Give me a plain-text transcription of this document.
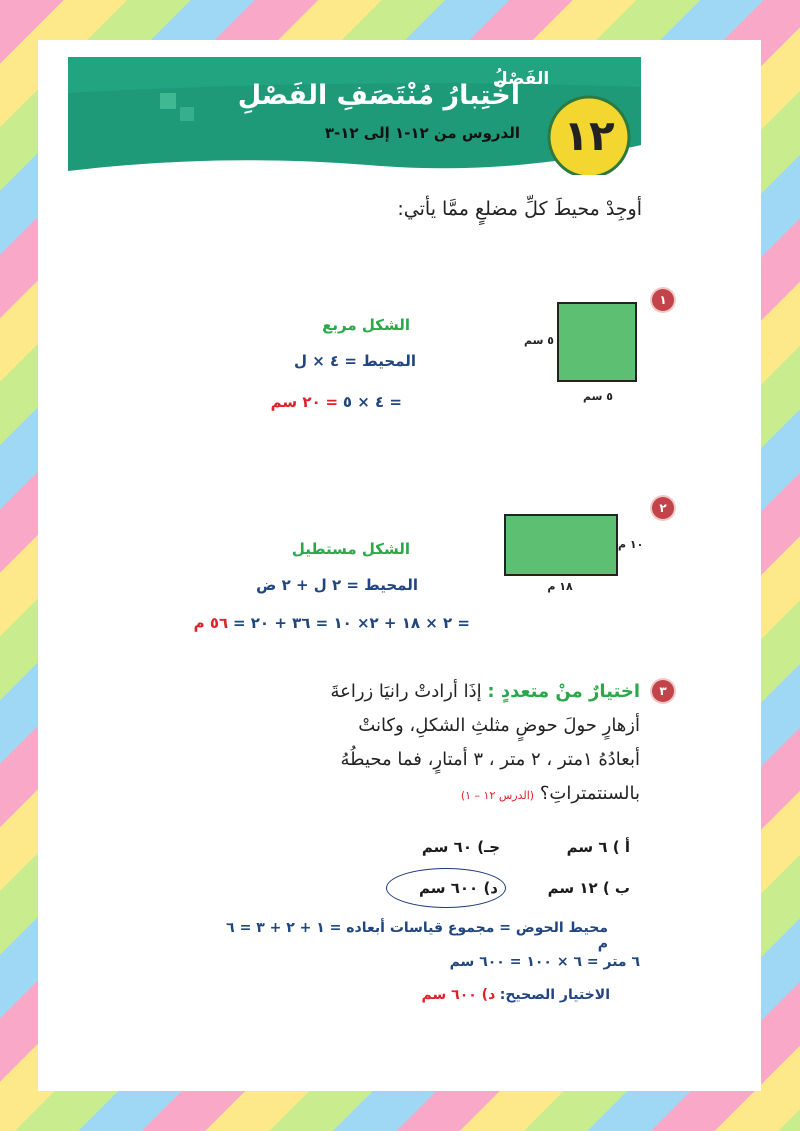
الفَصْلُ
١٢
اخْتِبارُ مُنْتَصَفِ الفَصْلِ
الدروس من ١٢-١ إلى ١٢-٣
أوجِدْ محيطَ كلِّ مضلعٍ ممَّا يأتي:
١
٥ سم
٥ سم
الشكل مربع
المحيط = ٤ × ل
= ٤ × ٥ = ٢٠ سم
٢
١٠ م
١٨ م
الشكل مستطيل
المحيط = ٢ ل + ٢ ض
= ٢ × ١٨ + ٢× ١٠ = ٣٦ + ٢٠ = ٥٦ م
٣
اختيارٌ منْ متعددٍ : إذَا أرادتْ رانيَا زراعةَ
أزهارٍ حولَ حوضٍ مثلثِ الشكلِ، وكانتْ
أبعادُهُ ١متر ، ٢ متر ، ٣ أمتارٍ، فما محيطُهُ
بالسنتمتراتِ؟ (الدرس ١٢ – ١)
أ ) ٦ سم
جـ) ٦٠ سم
ب ) ١٢ سم
د) ٦٠٠ سم
محيط الحوض = مجموع قياسات أبعاده = ١ + ٢ + ٣ = ٦ م
٦ متر = ٦ × ١٠٠ = ٦٠٠ سم
الاختيار الصحيح: د) ٦٠٠ سم
